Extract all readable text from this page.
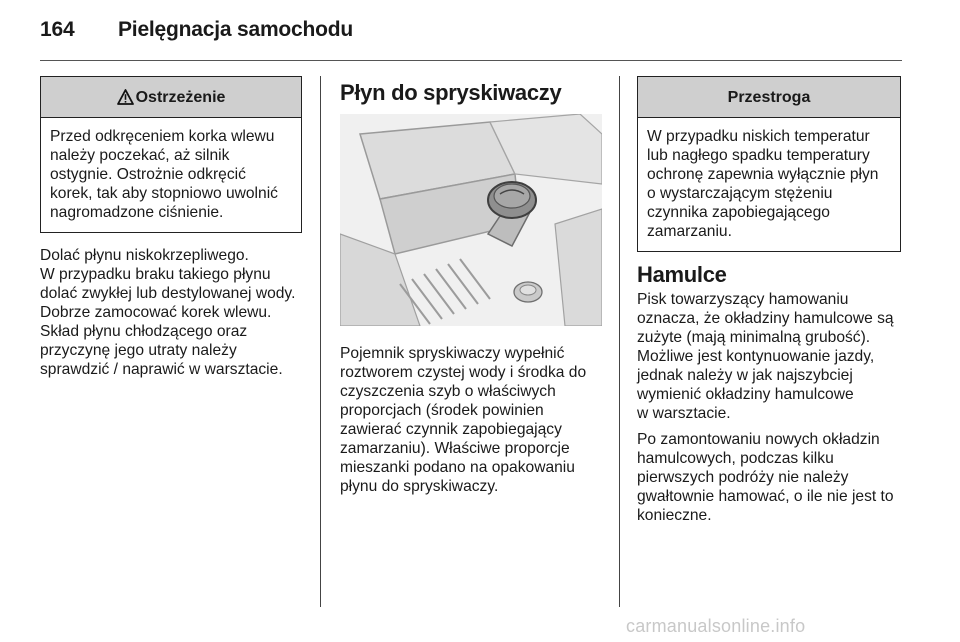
164 Pielęgnacja samochodu
Ostrzeżenie
Przed odkręceniem korka wlewu
należy poczekać, aż silnik
ostygnie. Ostrożnie odkręcić
korek, tak aby stopniowo uwolnić
nagromadzone ciśnienie.
Dolać płynu niskokrzepliwego.
W przypadku braku takiego płynu
dolać zwykłej lub destylowanej wody.
Dobrze zamocować korek wlewu.
Skład płynu chłodzącego oraz
przyczynę jego utraty należy
sprawdzić / naprawić w warsztacie.
Płyn do spryskiwaczy
Pojemnik spryskiwaczy wypełnić
roztworem czystej wody i środka do
czyszczenia szyb o właściwych
proporcjach (środek powinien
zawierać czynnik zapobiegający
zamarzaniu). Właściwe proporcje
mieszanki podano na opakowaniu
płynu do spryskiwaczy.
Przestroga
W przypadku niskich temperatur
lub nagłego spadku temperatury
ochronę zapewnia wyłącznie płyn
o wystarczającym stężeniu
czynnika zapobiegającego
zamarzaniu.
Hamulce
Pisk towarzyszący hamowaniu
oznacza, że okładziny hamulcowe są
zużyte (mają minimalną grubość).
Możliwe jest kontynuowanie jazdy,
jednak należy w jak najszybciej
wymienić okładziny hamulcowe
w warsztacie.
Po zamontowaniu nowych okładzin
hamulcowych, podczas kilku
pierwszych podróży nie należy
gwałtownie hamować, o ile nie jest to
konieczne.
carmanualsonline.info
